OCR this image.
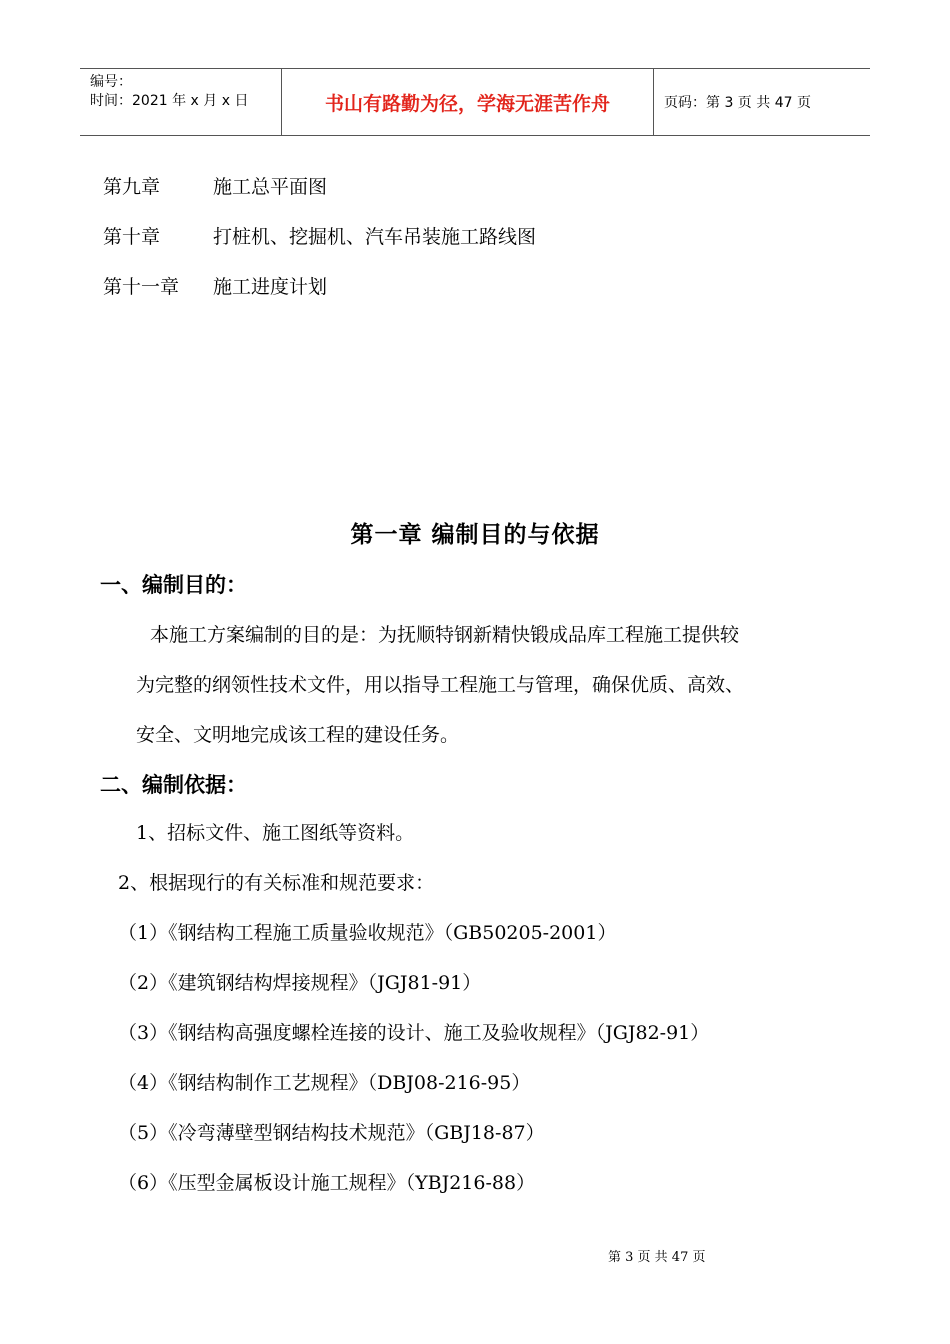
编号：
时间：2021 年 x 月 x 日	书山有路勤为径，学海无涯苦作舟	页码：第 3 页 共 47 页
第九章	施工总平面图
第十章	打桩机、挖掘机、汽车吊装施工路线图
第十一章	施工进度计划
第一章 编制目的与依据
一、编制目的：
本施工方案编制的目的是：为抚顺特钢新精快锻成品库工程施工提供较
为完整的纲领性技术文件，用以指导工程施工与管理，确保优质、高效、
安全、文明地完成该工程的建设任务。
二、编制依据：
1、招标文件、施工图纸等资料。
2、根据现行的有关标准和规范要求：
（1）《钢结构工程施工质量验收规范》（GB50205-2001）
（2）《建筑钢结构焊接规程》（JGJ81-91）
（3）《钢结构高强度螺栓连接的设计、施工及验收规程》（JGJ82-91）
（4）《钢结构制作工艺规程》（DBJ08-216-95）
（5）《冷弯薄壁型钢结构技术规范》（GBJ18-87）
（6）《压型金属板设计施工规程》（YBJ216-88）
第 3 页 共 47 页
